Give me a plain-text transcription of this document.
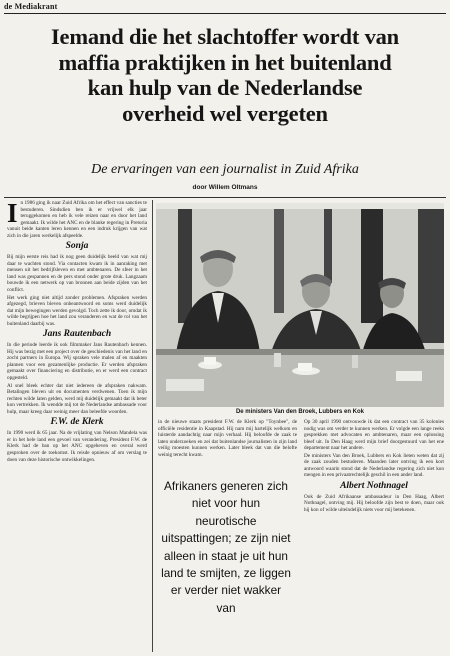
de Mediakrant
Iemand die het slachtoffer wordt van
maffia praktijken in het buitenland
kan hulp van de Nederlandse
overheid wel vergeten
De ervaringen van een journalist in Zuid Afrika
door Willem Oltmans

I n 1986 ging ik naar Zuid Afrika om het effect van sancties te bestuderen. Sindsdien ben ik er vrijwel elk jaar teruggekomen en heb ik vele reizen naar en door het land gemaakt. Ik wilde het ANC en de blanke regering in Pretoria vanuit beide kanten leren kennen en een indruk krijgen van wat zich in die jaren werkelijk afspeelde.

Sonja

Bij mijn eerste reis had ik nog geen duidelijk beeld van wat mij daar te wachten stond. Via contacten kwam ik in aanraking met mensen uit het bedrijfsleven en met ambtenaren. De sfeer in het land was gespannen en de pers stond onder grote druk. Langzaam bouwde ik een netwerk op van bronnen aan beide zijden van het conflict.

Het werk ging niet altijd zonder problemen. Afspraken werden afgezegd, brieven bleven onbeantwoord en soms werd duidelijk dat mijn bewegingen werden gevolgd. Toch zette ik door, omdat ik wilde begrijpen hoe het land zou veranderen en wat de rol van het buitenland daarbij was.

Jans Rautenbach

In die periode leerde ik ook filmmaker Jans Rautenbach kennen. Hij was bezig met een project over de geschiedenis van het land en zocht partners in Europa. Wij spraken vele malen af en maakten plannen voor een gezamenlijke productie. Er werden afspraken gemaakt over financiering en distributie, en er werd een contract opgesteld.

Al snel bleek echter dat niet iedereen de afspraken nakwam. Betalingen bleven uit en documenten verdwenen. Toen ik mijn rechten wilde laten gelden, werd mij duidelijk gemaakt dat ik beter kon vertrekken. Ik wendde mij tot de Nederlandse ambassade voor hulp, maar kreeg daar weinig meer dan beleefde woorden.

F.W. de Klerk

In 1990 werd ik 65 jaar. Na de vrijlating van Nelson Mandela was er in het hele land een gevoel van verandering. President F.W. de Klerk had de ban op het ANC opgeheven en overal werd gesproken over de toekomst. Ik reisde opnieuw af om verslag te doen van deze historische ontwikkelingen.

De ministers Van den Broek, Lubbers en Kok

in de nieuwe staats president F.W. de Klerk op "Toynbee", de officiële residentie in Kaapstad. Hij nam mij hartelijk welkom en luisterde aandachtig naar mijn verhaal. Hij beloofde de zaak te laten onderzoeken en zei dat buitenlandse journalisten in zijn land veilig moesten kunnen werken. Later bleek dat van die belofte weinig terecht kwam.

Afrikaners generen zich niet voor hun neurotische uitspattingen; ze zijn niet alleen in staat je uit hun land te smijten, ze liggen er verder niet wakker van

Op 30 april 1990 ontvouwde ik dat een contract van 35 kolonies nodig was om verder te kunnen werken. Er volgde een lange reeks gesprekken met advocaten en ambtenaren, maar een oplossing bleef uit. In Den Haag werd mijn brief doorgestuurd van het ene departement naar het andere.

De ministers Van den Broek, Lubbers en Kok lieten weten dat zij de zaak zouden bestuderen. Maanden later ontving ik een kort antwoord waarin stond dat de Nederlandse regering zich niet kon mengen in een privaatrechtelijk geschil in een ander land.

Albert Nothnagel

Ook de Zuid Afrikaanse ambassadeur in Den Haag, Albert Nothnagel, ontving mij. Hij beloofde zijn best te doen, maar ook hij kon of wilde uiteindelijk niets voor mij betekenen.
